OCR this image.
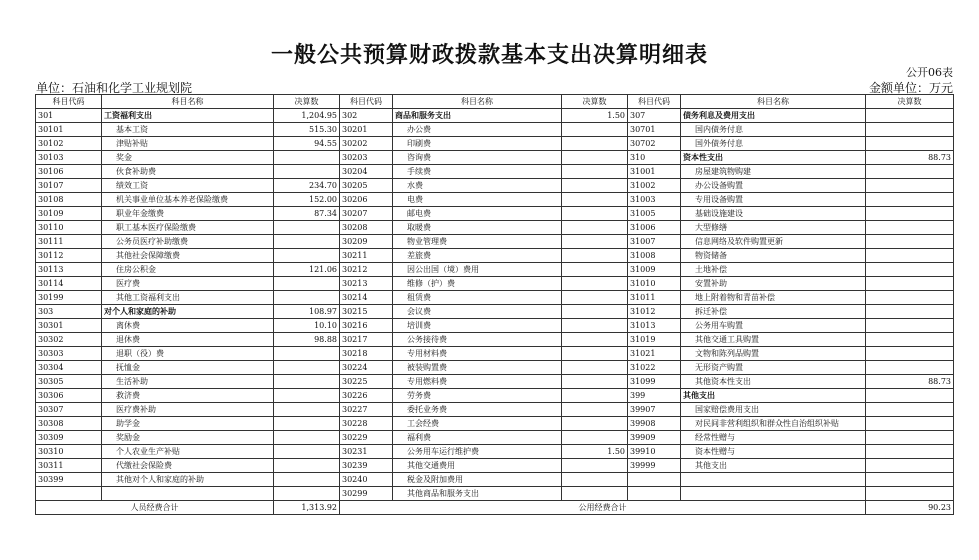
一般公共预算财政拨款基本支出决算明细表
公开06表
单位：石油和化学工业规划院	金额单位：万元
科目代码	科目名称	决算数	科目代码	科目名称	决算数	科目代码	科目名称	决算数
301	工资福利支出	1,204.95	302	商品和服务支出	1.50	307	债务利息及费用支出	
30101	基本工资	515.30	30201	办公费		30701	国内债务付息	
30102	津贴补贴	94.55	30202	印刷费		30702	国外债务付息	
30103	奖金		30203	咨询费		310	资本性支出	88.73
30106	伙食补助费		30204	手续费		31001	房屋建筑物购建	
30107	绩效工资	234.70	30205	水费		31002	办公设备购置	
30108	机关事业单位基本养老保险缴费	152.00	30206	电费		31003	专用设备购置	
30109	职业年金缴费	87.34	30207	邮电费		31005	基础设施建设	
30110	职工基本医疗保险缴费		30208	取暖费		31006	大型修缮	
30111	公务员医疗补助缴费		30209	物业管理费		31007	信息网络及软件购置更新	
30112	其他社会保障缴费		30211	差旅费		31008	物资储备	
30113	住房公积金	121.06	30212	因公出国（境）费用		31009	土地补偿	
30114	医疗费		30213	维修（护）费		31010	安置补助	
30199	其他工资福利支出		30214	租赁费		31011	地上附着物和青苗补偿	
303	对个人和家庭的补助	108.97	30215	会议费		31012	拆迁补偿	
30301	离休费	10.10	30216	培训费		31013	公务用车购置	
30302	退休费	98.88	30217	公务接待费		31019	其他交通工具购置	
30303	退职（役）费		30218	专用材料费		31021	文物和陈列品购置	
30304	抚恤金		30224	被装购置费		31022	无形资产购置	
30305	生活补助		30225	专用燃料费		31099	其他资本性支出	88.73
30306	救济费		30226	劳务费		399	其他支出	
30307	医疗费补助		30227	委托业务费		39907	国家赔偿费用支出	
30308	助学金		30228	工会经费		39908	对民间非营利组织和群众性自治组织补贴	
30309	奖励金		30229	福利费		39909	经常性赠与	
30310	个人农业生产补贴		30231	公务用车运行维护费	1.50	39910	资本性赠与	
30311	代缴社会保险费		30239	其他交通费用		39999	其他支出	
30399	其他对个人和家庭的补助		30240	税金及附加费用				
			30299	其他商品和服务支出				
人员经费合计		1,313.92	公用经费合计					90.23
